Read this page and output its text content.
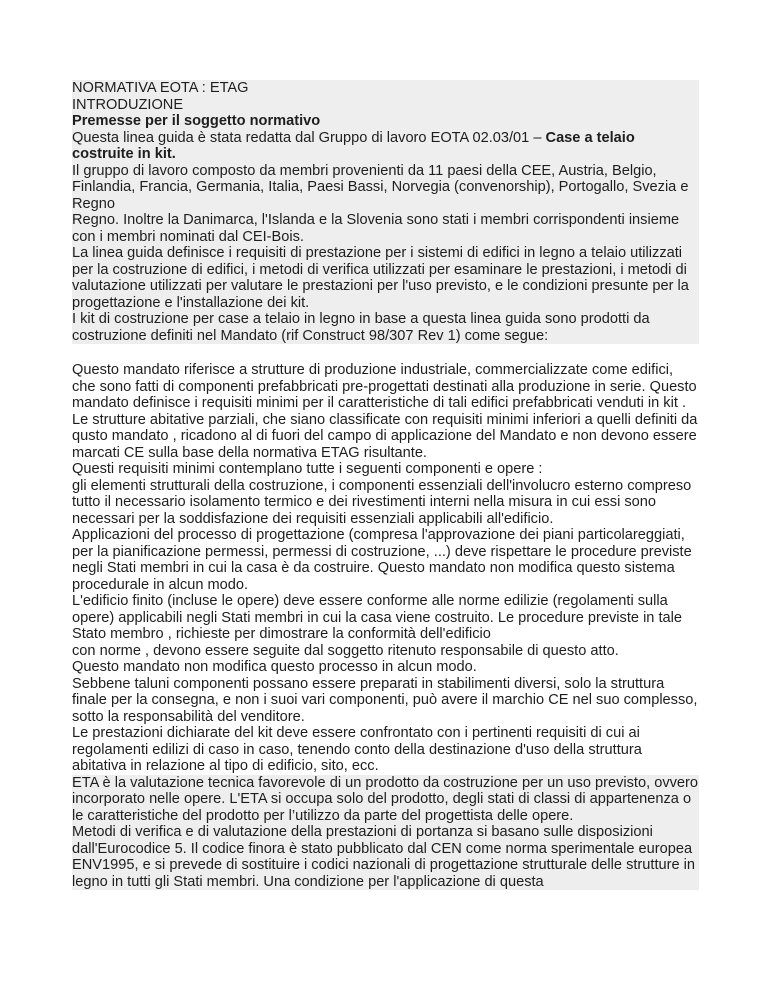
NORMATIVA EOTA : ETAG
INTRODUZIONE
Premesse per il soggetto normativo
Questa linea guida è stata redatta dal Gruppo di lavoro EOTA 02.03/01 – Case a telaio costruite in kit.
Il gruppo di lavoro composto da membri provenienti da 11 paesi della CEE, Austria, Belgio, Finlandia, Francia, Germania, Italia, Paesi Bassi, Norvegia (convenorship), Portogallo, Svezia e Regno
Regno. Inoltre la Danimarca, l'Islanda e la Slovenia sono stati i membri corrispondenti insieme con i membri nominati dal CEI-Bois.
La linea guida definisce i requisiti di prestazione per i sistemi di edifici in legno a telaio utilizzati per la costruzione di edifici, i metodi di verifica utilizzati per esaminare le prestazioni, i metodi di valutazione utilizzati per valutare le prestazioni per l'uso previsto, e le condizioni presunte per la progettazione e l'installazione dei kit.
I kit di costruzione per case a telaio in legno in base a questa linea guida sono prodotti da costruzione definiti nel Mandato (rif Construct 98/307 Rev 1) come segue:
Questo mandato riferisce a strutture di produzione industriale, commercializzate come edifici, che sono fatti di componenti prefabbricati pre-progettati destinati alla produzione in serie. Questo mandato definisce i requisiti minimi per il caratteristiche di tali edifici prefabbricati venduti in kit .
Le strutture abitative parziali, che siano classificate con requisiti minimi inferiori a quelli definiti da qusto mandato , ricadono al di fuori del campo di applicazione del Mandato e non devono essere marcati CE sulla base della normativa ETAG risultante.
Questi requisiti minimi contemplano tutte i seguenti componenti e opere :
gli elementi strutturali della costruzione, i componenti essenziali dell'involucro esterno compreso tutto il necessario isolamento termico e dei rivestimenti interni nella misura in cui essi sono necessari per la soddisfazione dei requisiti essenziali applicabili all'edificio.
Applicazioni del processo di progettazione (compresa l'approvazione dei piani particolareggiati, per la pianificazione permessi, permessi di costruzione, ...) deve rispettare le procedure previste negli Stati membri in cui la casa è da costruire. Questo mandato non modifica questo sistema procedurale in alcun modo.
L'edificio finito (incluse le opere) deve essere conforme alle norme edilizie (regolamenti sulla opere) applicabili negli Stati membri in cui la casa viene costruito. Le procedure previste in tale Stato membro , richieste per dimostrare la conformità dell'edificio
con norme , devono essere seguite dal soggetto ritenuto responsabile di questo atto.
Questo mandato non modifica questo processo in alcun modo.
Sebbene taluni componenti possano essere preparati in stabilimenti diversi, solo la struttura finale per la consegna, e non i suoi vari componenti, può avere il marchio CE nel suo complesso, sotto la responsabilità del venditore.
Le prestazioni dichiarate del kit deve essere confrontato con i pertinenti requisiti di cui ai regolamenti edilizi di caso in caso, tenendo conto della destinazione d'uso della struttura abitativa in relazione al tipo di edificio, sito, ecc.
ETA è la valutazione tecnica favorevole di un prodotto da costruzione per un uso previsto, ovvero incorporato nelle opere. L'ETA si occupa solo del prodotto, degli stati di classi di appartenenza o le caratteristiche del prodotto per l’utilizzo da parte del progettista delle opere.
Metodi di verifica e di valutazione della prestazioni di portanza si basano sulle disposizioni dall'Eurocodice 5. Il codice finora è stato pubblicato dal CEN come norma sperimentale europea ENV1995, e si prevede di sostituire i codici nazionali di progettazione strutturale delle strutture in legno in tutti gli Stati membri. Una condizione per l'applicazione di questa
